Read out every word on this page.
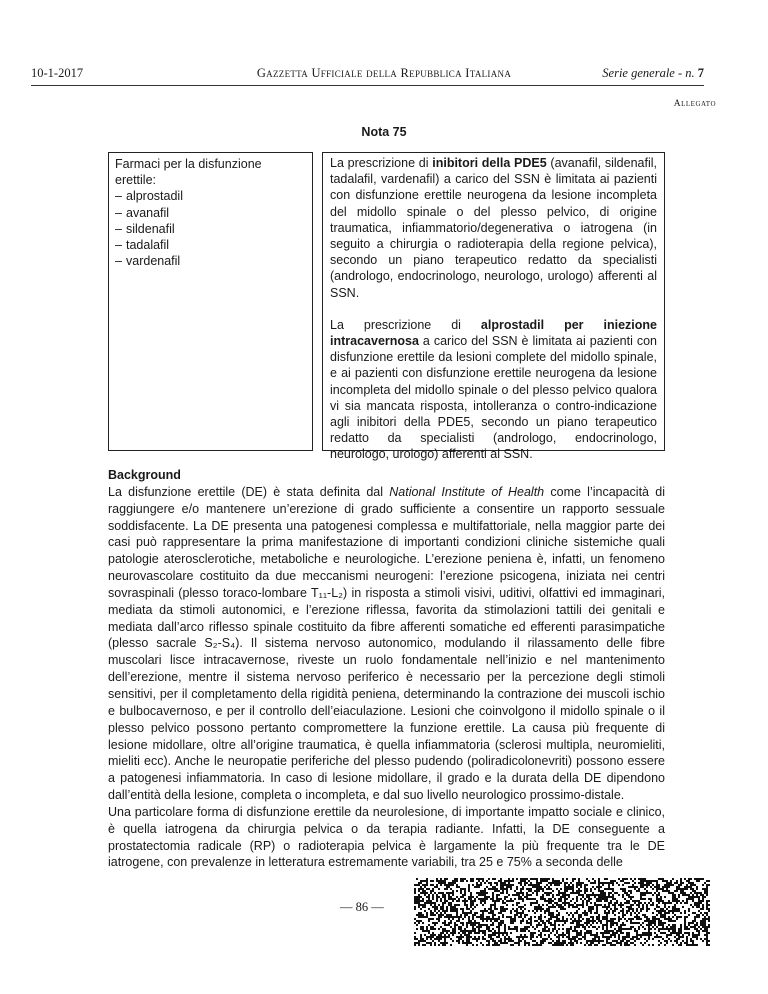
10-1-2017	Gazzetta Ufficiale della Repubblica Italiana	Serie generale - n. 7
Allegato
Nota 75
Farmaci per la disfunzione erettile:
– alprostadil
– avanafil
– sildenafil
– tadalafil
– vardenafil

La prescrizione di inibitori della PDE5 (avanafil, sildenafil, tadalafil, vardenafil) a carico del SSN è limitata ai pazienti con disfunzione erettile neurogena da lesione incompleta del midollo spinale o del plesso pelvico, di origine traumatica, infiammatorio/degenerativa o iatrogena (in seguito a chirurgia o radioterapia della regione pelvica), secondo un piano terapeutico redatto da specialisti (andrologo, endocrinologo, neurologo, urologo) afferenti al SSN.

La prescrizione di alprostadil per iniezione intracavernosa a carico del SSN è limitata ai pazienti con disfunzione erettile da lesioni complete del midollo spinale, e ai pazienti con disfunzione erettile neurogena da lesione incompleta del midollo spinale o del plesso pelvico qualora vi sia mancata risposta, intolleranza o contro-indicazione agli inibitori della PDE5, secondo un piano terapeutico redatto da specialisti (andrologo, endocrinologo, neurologo, urologo) afferenti al SSN.

Background

La disfunzione erettile (DE) è stata definita dal National Institute of Health come l’incapacità di raggiungere e/o mantenere un’erezione di grado sufficiente a consentire un rapporto sessuale soddisfacente. La DE presenta una patogenesi complessa e multifattoriale, nella maggior parte dei casi può rappresentare la prima manifestazione di importanti condizioni cliniche sistemiche quali patologie aterosclerotiche, metaboliche e neurologiche. L’erezione peniena è, infatti, un fenomeno neurovascolare costituito da due meccanismi neurogeni: l’erezione psicogena, iniziata nei centri sovraspinali (plesso toraco-lombare T₁₁-L₂) in risposta a stimoli visivi, uditivi, olfattivi ed immaginari, mediata da stimoli autonomici, e l’erezione riflessa, favorita da stimolazioni tattili dei genitali e mediata dall’arco riflesso spinale costituito da fibre afferenti somatiche ed efferenti parasimpatiche (plesso sacrale S₂-S₄). Il sistema nervoso autonomico, modulando il rilassamento delle fibre muscolari lisce intracavernose, riveste un ruolo fondamentale nell’inizio e nel mantenimento dell’erezione, mentre il sistema nervoso periferico è necessario per la percezione degli stimoli sensitivi, per il completamento della rigidità peniena, determinando la contrazione dei muscoli ischio e bulbocavernoso, e per il controllo dell’eiaculazione. Lesioni che coinvolgono il midollo spinale o il plesso pelvico possono pertanto compromettere la funzione erettile. La causa più frequente di lesione midollare, oltre all’origine traumatica, è quella infiammatoria (sclerosi multipla, neuromieliti, mieliti ecc). Anche le neuropatie periferiche del plesso pudendo (poliradicolonevriti) possono essere a patogenesi infiammatoria. In caso di lesione midollare, il grado e la durata della DE dipendono dall’entità della lesione, completa o incompleta, e dal suo livello neurologico prossimo-distale.

Una particolare forma di disfunzione erettile da neurolesione, di importante impatto sociale e clinico, è quella iatrogena da chirurgia pelvica o da terapia radiante. Infatti, la DE conseguente a prostatectomia radicale (RP) o radioterapia pelvica è largamente la più frequente tra le DE iatrogene, con prevalenze in letteratura estremamente variabili, tra 25 e 75% a seconda delle

— 86 —
